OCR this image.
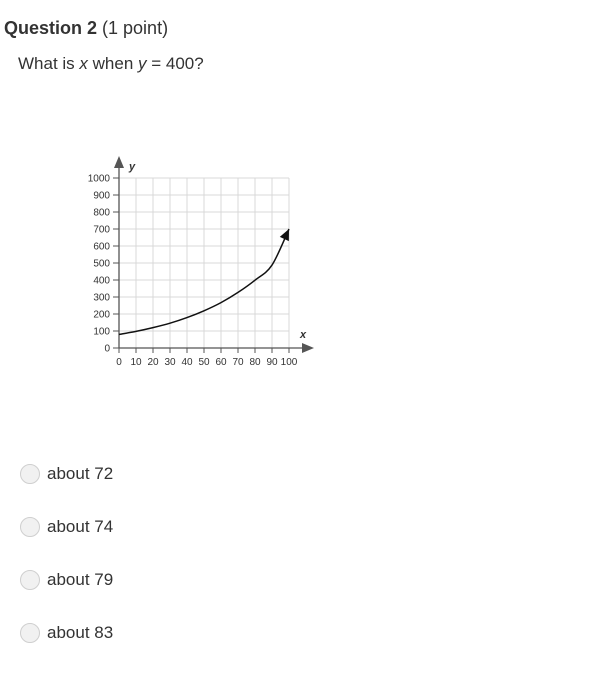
Question 2 (1 point)
What is x when y = 400?
y
x
0
100
200
300
400
500
600
700
800
900
1000
0 10 20 30 40 50 60 70 80 90 100
about 72
about 74
about 79
about 83
